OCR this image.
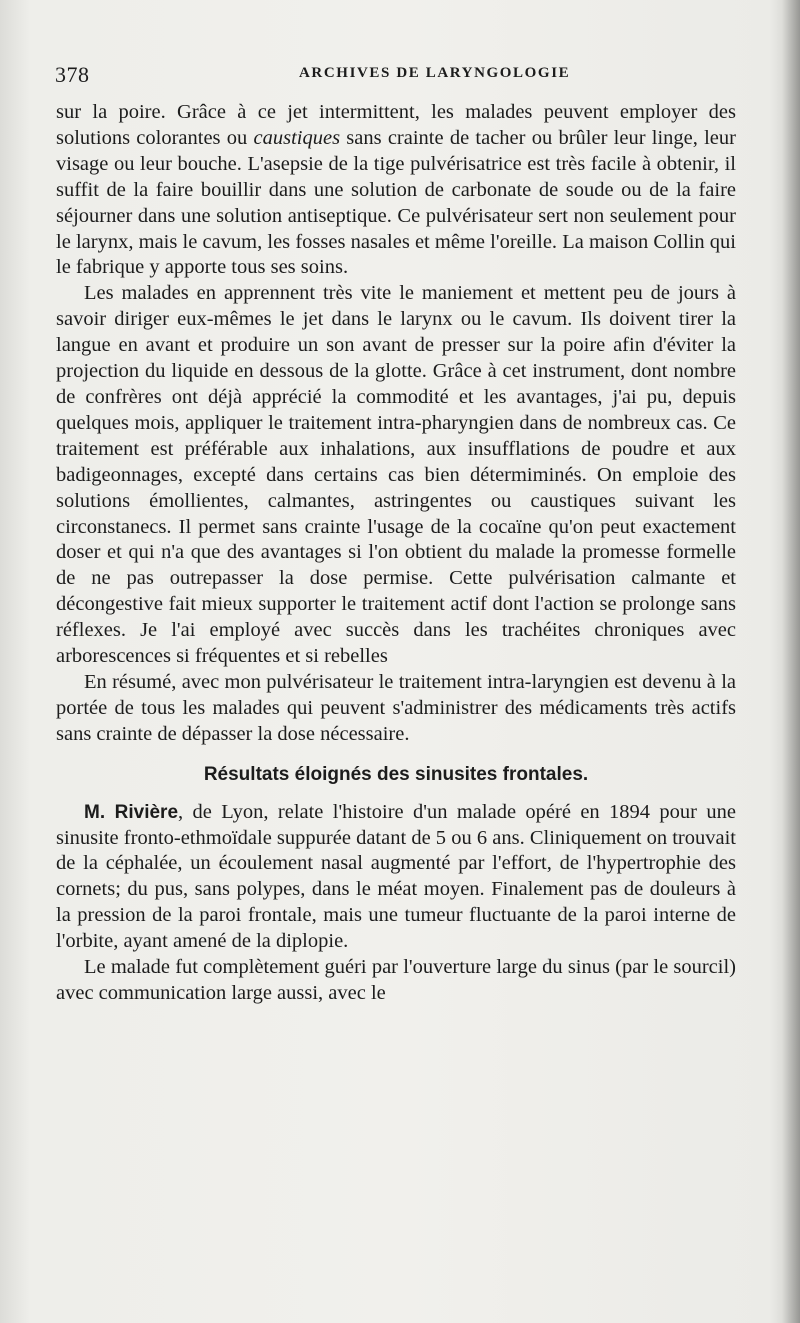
378	ARCHIVES DE LARYNGOLOGIE

sur la poire. Grâce à ce jet intermittent, les malades peuvent employer des solutions colorantes ou caustiques sans crainte de tacher ou brûler leur linge, leur visage ou leur bouche. L'asepsie de la tige pulvérisatrice est très facile à obtenir, il suffit de la faire bouillir dans une solution de carbonate de soude ou de la faire séjourner dans une solution antiseptique. Ce pulvérisateur sert non seulement pour le larynx, mais le cavum, les fosses nasales et même l'oreille. La maison Collin qui le fabrique y apporte tous ses soins.

Les malades en apprennent très vite le maniement et mettent peu de jours à savoir diriger eux-mêmes le jet dans le larynx ou le cavum. Ils doivent tirer la langue en avant et produire un son avant de presser sur la poire afin d'éviter la projection du liquide en dessous de la glotte. Grâce à cet instrument, dont nombre de confrères ont déjà apprécié la commodité et les avantages, j'ai pu, depuis quelques mois, appliquer le traitement intra-pharyngien dans de nombreux cas. Ce traitement est préférable aux inhalations, aux insufflations de poudre et aux badigeonnages, excepté dans certains cas bien détermiminés. On emploie des solutions émollientes, calmantes, astringentes ou caustiques suivant les circonstanecs. Il permet sans crainte l'usage de la cocaïne qu'on peut exactement doser et qui n'a que des avantages si l'on obtient du malade la promesse formelle de ne pas outrepasser la dose permise. Cette pulvérisation calmante et décongestive fait mieux supporter le traitement actif dont l'action se prolonge sans réflexes. Je l'ai employé avec succès dans les trachéites chroniques avec arborescences si fréquentes et si rebelles

En résumé, avec mon pulvérisateur le traitement intra-laryngien est devenu à la portée de tous les malades qui peuvent s'administrer des médicaments très actifs sans crainte de dépasser la dose nécessaire.

Résultats éloignés des sinusites frontales.

M. Rivière, de Lyon, relate l'histoire d'un malade opéré en 1894 pour une sinusite fronto-ethmoïdale suppurée datant de 5 ou 6 ans. Cliniquement on trouvait de la céphalée, un écoulement nasal augmenté par l'effort, de l'hypertrophie des cornets; du pus, sans polypes, dans le méat moyen. Finalement pas de douleurs à la pression de la paroi frontale, mais une tumeur fluctuante de la paroi interne de l'orbite, ayant amené de la diplopie.

Le malade fut complètement guéri par l'ouverture large du sinus (par le sourcil) avec communication large aussi, avec le
